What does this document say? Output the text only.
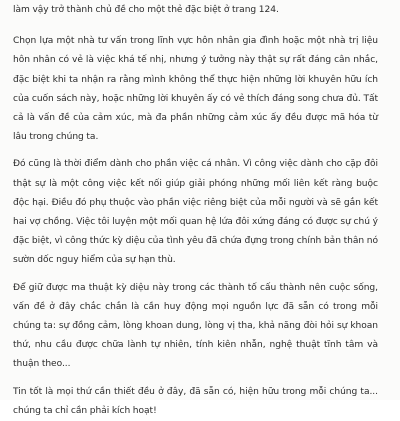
làm vậy trở thành chủ đề cho một thẻ đặc biệt ở trang 124.

Chọn lựa một nhà tư vấn trong lĩnh vực hôn nhân gia đình hoặc một nhà trị liệu hôn nhân có vẻ là việc khá tế nhị, nhưng ý tưởng này thật sự rất đáng cân nhắc, đặc biệt khi ta nhận ra rằng mình không thể thực hiện những lời khuyên hữu ích của cuốn sách này, hoặc những lời khuyên ấy có vẻ thích đáng song chưa đủ. Tất cả là vấn đề của cảm xúc, mà đa phần những cảm xúc ấy đều được mã hóa từ lâu trong chúng ta.

Đó cũng là thời điểm dành cho phần việc cá nhân. Vì công việc dành cho cặp đôi thật sự là một công việc kết nối giúp giải phóng những mối liên kết ràng buộc độc hại. Điều đó phụ thuộc vào phần việc riêng biệt của mỗi người và sẽ gắn kết hai vợ chồng. Việc tôi luyện một mối quan hệ lứa đôi xứng đáng có được sự chú ý đặc biệt, vì công thức kỳ diệu của tình yêu đã chứa đựng trong chính bản thân nó sườn dốc nguy hiểm của sự hạn thù.

Để giữ được ma thuật kỳ diệu này trong các thành tố cấu thành nên cuộc sống, vấn đề ở đây chắc chắn là cần huy động mọi nguồn lực đã sẵn có trong mỗi chúng ta: sự đồng cảm, lòng khoan dung, lòng vị tha, khả năng đòi hỏi sự khoan thứ, nhu cầu được chữa lành tự nhiên, tính kiên nhẫn, nghệ thuật tĩnh tâm và thuận theo...

Tin tốt là mọi thứ cần thiết đều ở đây, đã sẵn có, hiện hữu trong mỗi chúng ta... chúng ta chỉ cần phải kích hoạt!
